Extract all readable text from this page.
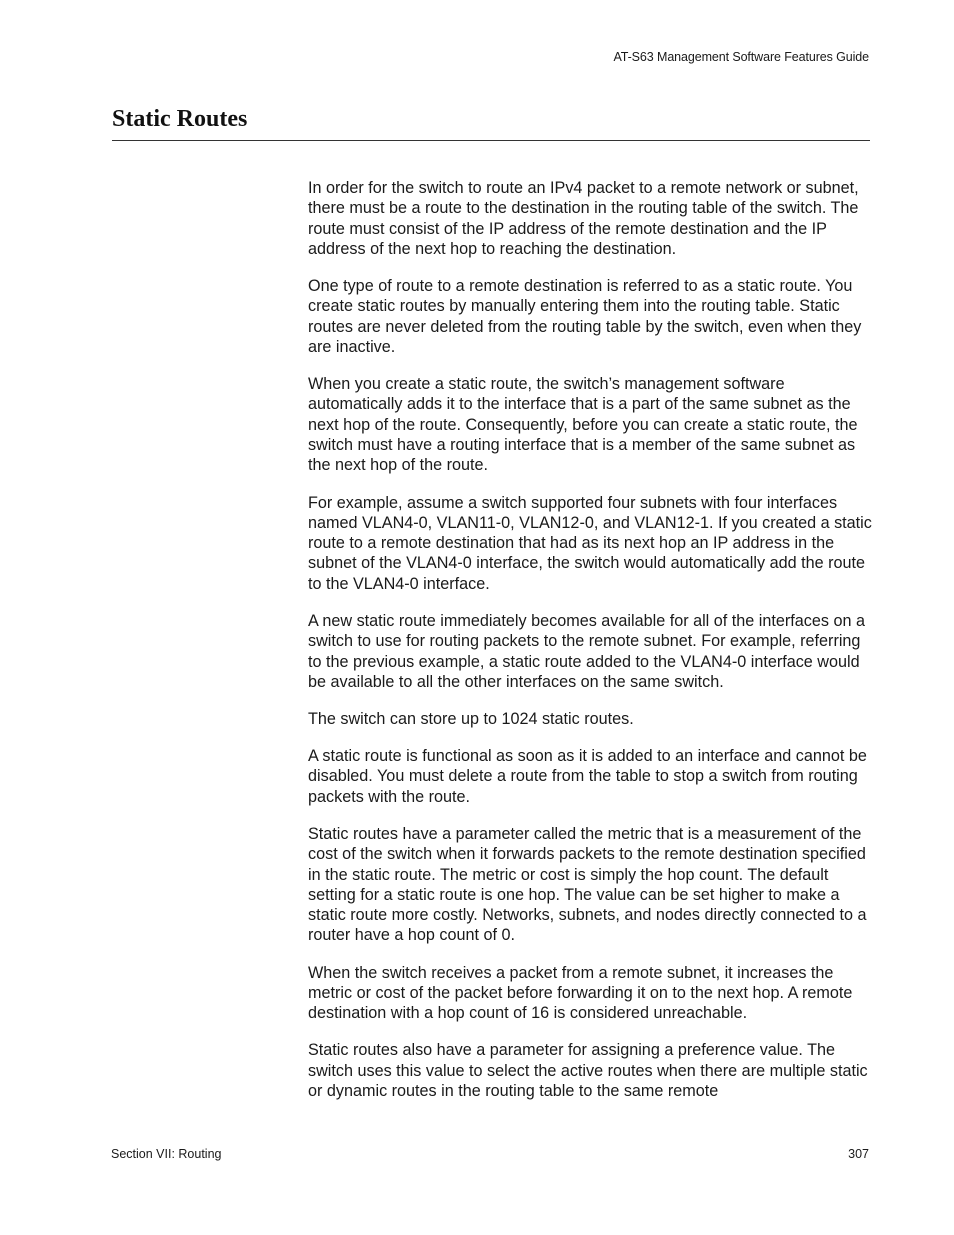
AT-S63 Management Software Features Guide
Static Routes

In order for the switch to route an IPv4 packet to a remote network or subnet, there must be a route to the destination in the routing table of the switch. The route must consist of the IP address of the remote destination and the IP address of the next hop to reaching the destination.

One type of route to a remote destination is referred to as a static route. You create static routes by manually entering them into the routing table. Static routes are never deleted from the routing table by the switch, even when they are inactive.

When you create a static route, the switch’s management software automatically adds it to the interface that is a part of the same subnet as the next hop of the route. Consequently, before you can create a static route, the switch must have a routing interface that is a member of the same subnet as the next hop of the route.

For example, assume a switch supported four subnets with four interfaces named VLAN4-0, VLAN11-0, VLAN12-0, and VLAN12-1. If you created a static route to a remote destination that had as its next hop an IP address in the subnet of the VLAN4-0 interface, the switch would automatically add the route to the VLAN4-0 interface.

A new static route immediately becomes available for all of the interfaces on a switch to use for routing packets to the remote subnet. For example, referring to the previous example, a static route added to the VLAN4-0 interface would be available to all the other interfaces on the same switch.

The switch can store up to 1024 static routes.

A static route is functional as soon as it is added to an interface and cannot be disabled. You must delete a route from the table to stop a switch from routing packets with the route.

Static routes have a parameter called the metric that is a measurement of the cost of the switch when it forwards packets to the remote destination specified in the static route. The metric or cost is simply the hop count. The default setting for a static route is one hop. The value can be set higher to make a static route more costly. Networks, subnets, and nodes directly connected to a router have a hop count of 0.

When the switch receives a packet from a remote subnet, it increases the metric or cost of the packet before forwarding it on to the next hop. A remote destination with a hop count of 16 is considered unreachable.

Static routes also have a parameter for assigning a preference value. The switch uses this value to select the active routes when there are multiple static or dynamic routes in the routing table to the same remote

Section VII: Routing	307
